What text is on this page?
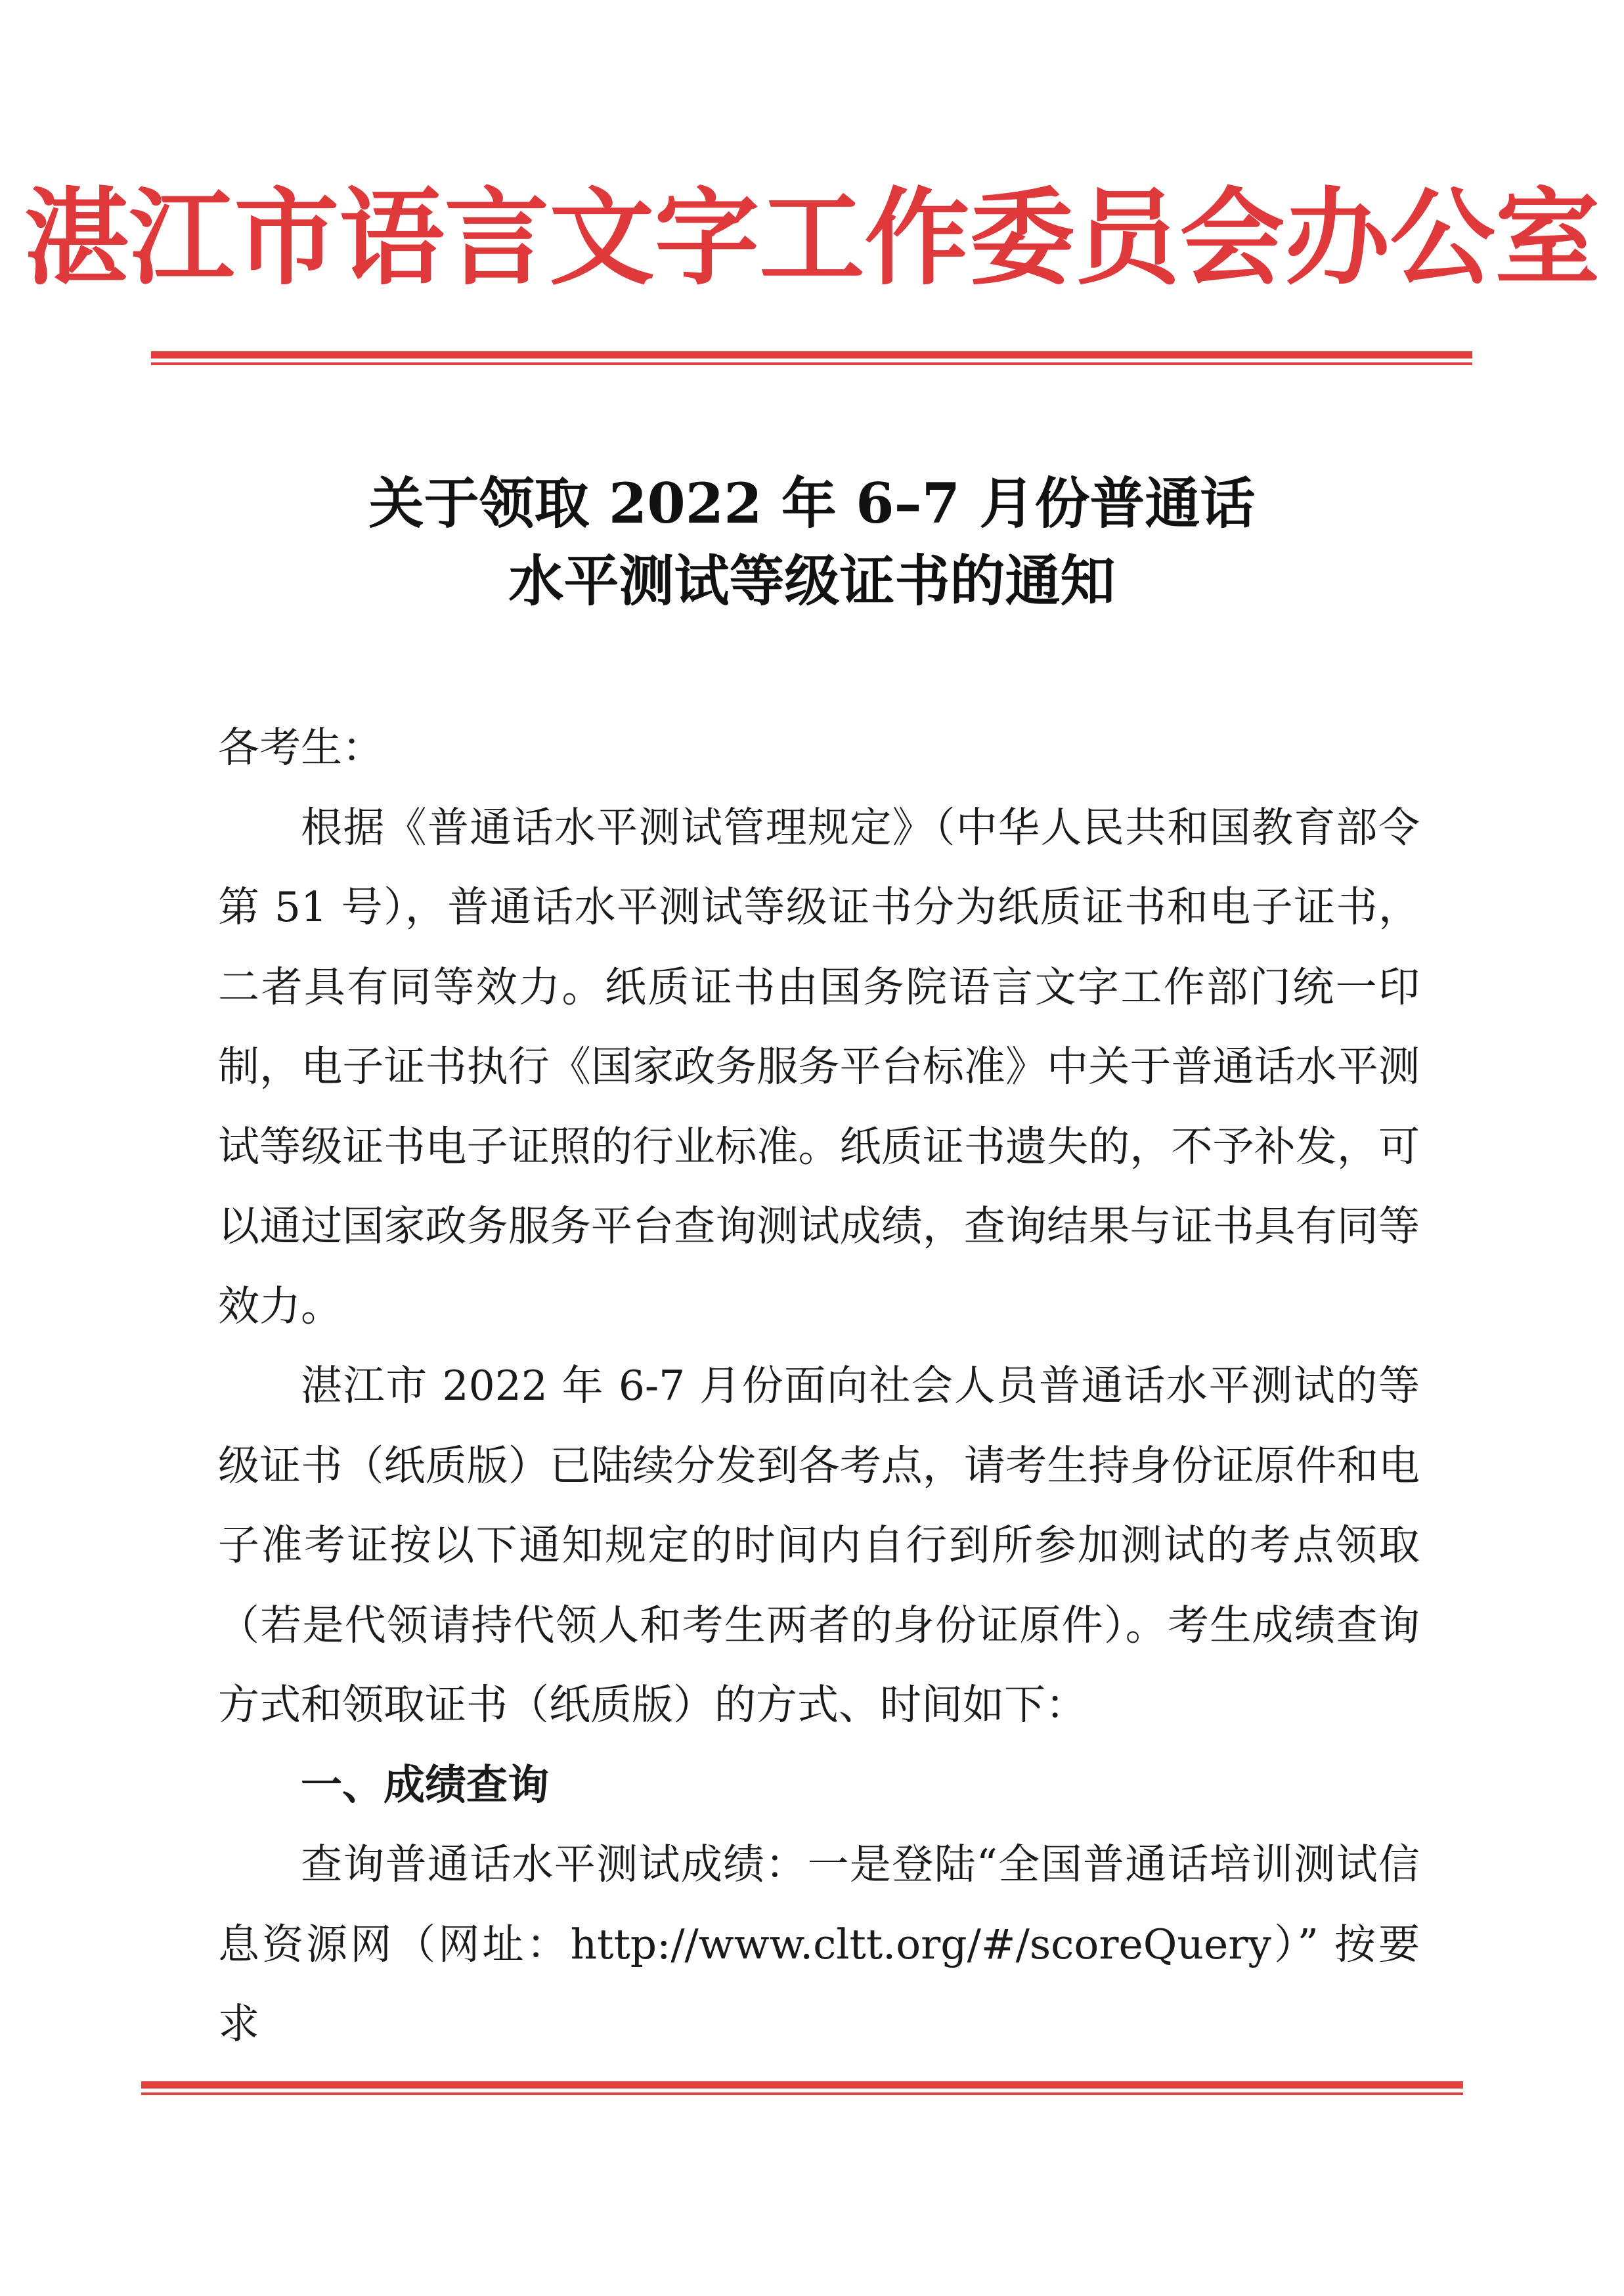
湛江市语言文字工作委员会办公室
关于领取 2022 年 6–7 月份普通话
水平测试等级证书的通知

各考生：

根据《普通话水平测试管理规定》（中华人民共和国教育部令第 51 号），普通话水平测试等级证书分为纸质证书和电子证书，二者具有同等效力。纸质证书由国务院语言文字工作部门统一印制，电子证书执行《国家政务服务平台标准》中关于普通话水平测试等级证书电子证照的行业标准。纸质证书遗失的，不予补发，可以通过国家政务服务平台查询测试成绩，查询结果与证书具有同等效力。

湛江市 2022 年 6-7 月份面向社会人员普通话水平测试的等级证书（纸质版）已陆续分发到各考点，请考生持身份证原件和电子准考证按以下通知规定的时间内自行到所参加测试的考点领取（若是代领请持代领人和考生两者的身份证原件）。考生成绩查询方式和领取证书（纸质版）的方式、时间如下：

一、成绩查询

查询普通话水平测试成绩：一是登陆“全国普通话培训测试信息资源网（网址：http://www.cltt.org/#/scoreQuery）” 按要求
